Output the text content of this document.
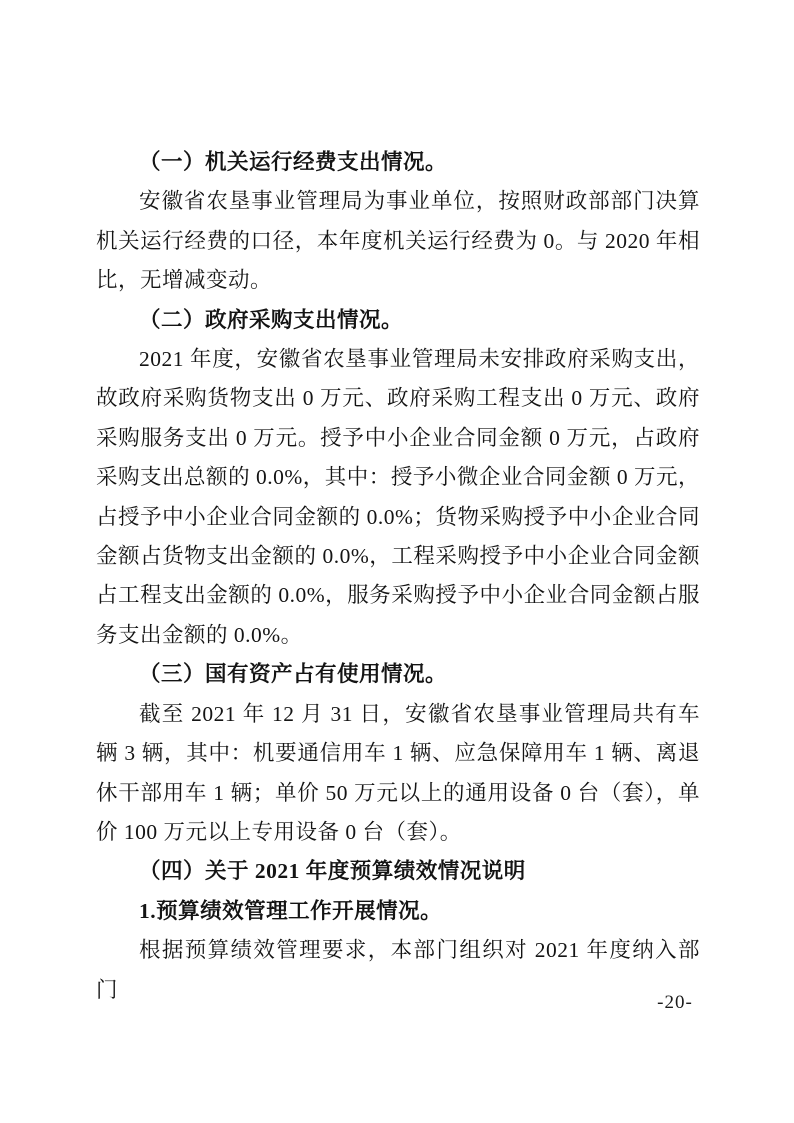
（一）机关运行经费支出情况。

安徽省农垦事业管理局为事业单位，按照财政部部门决算机关运行经费的口径，本年度机关运行经费为 0。与 2020 年相比，无增减变动。

（二）政府采购支出情况。

2021 年度，安徽省农垦事业管理局未安排政府采购支出，故政府采购货物支出 0 万元、政府采购工程支出 0 万元、政府采购服务支出 0 万元。授予中小企业合同金额 0 万元，占政府采购支出总额的 0.0%，其中：授予小微企业合同金额 0 万元，占授予中小企业合同金额的 0.0%；货物采购授予中小企业合同金额占货物支出金额的 0.0%，工程采购授予中小企业合同金额占工程支出金额的 0.0%，服务采购授予中小企业合同金额占服务支出金额的 0.0%。

（三）国有资产占有使用情况。

截至 2021 年 12 月 31 日，安徽省农垦事业管理局共有车辆 3 辆，其中：机要通信用车 1 辆、应急保障用车 1 辆、离退休干部用车 1 辆；单价 50 万元以上的通用设备 0 台（套），单价 100 万元以上专用设备 0 台（套）。

（四）关于 2021 年度预算绩效情况说明

1.预算绩效管理工作开展情况。

根据预算绩效管理要求，本部门组织对 2021 年度纳入部门

-20-
